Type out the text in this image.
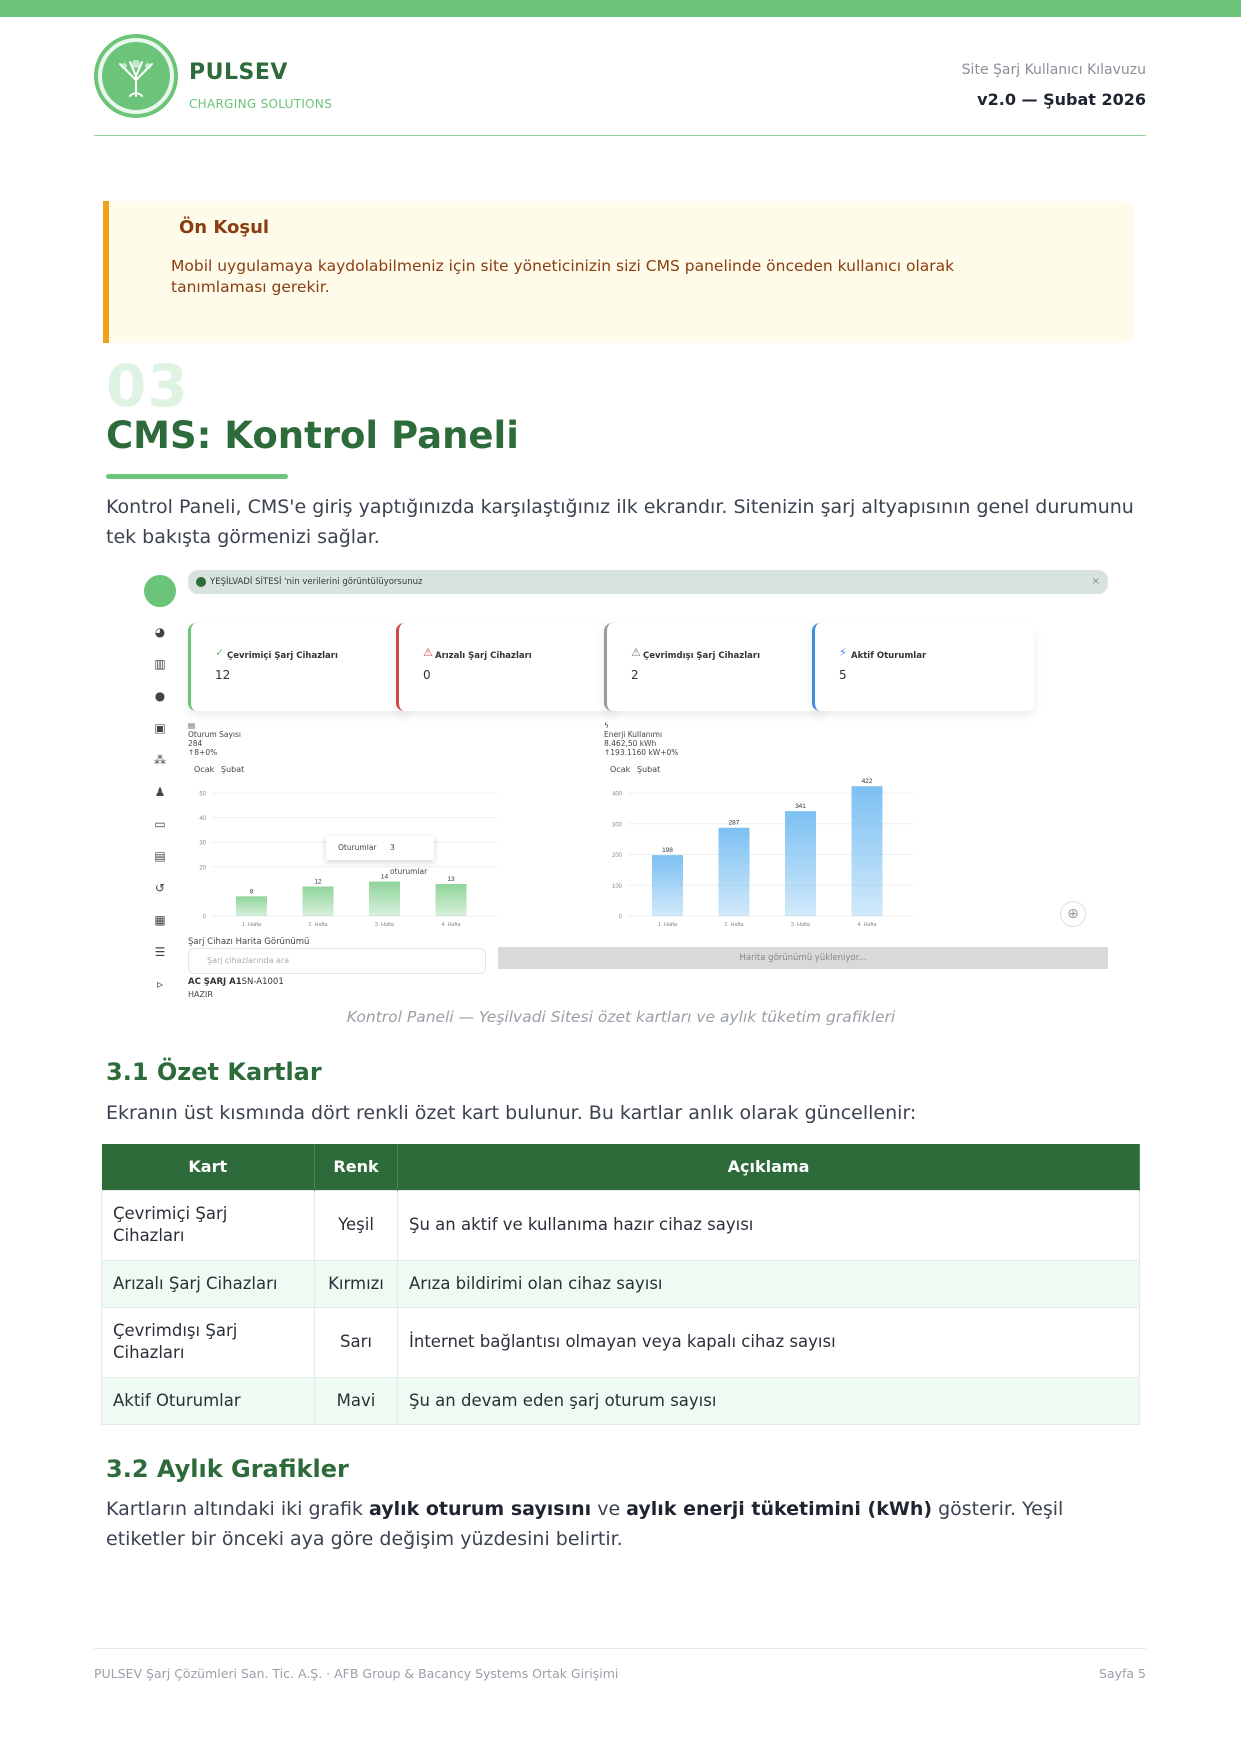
PULSEV
CHARGING SOLUTIONS
Site Şarj Kullanıcı Kılavuzu
v2.0 — Şubat 2026
Ön Koşul
Mobil uygulamaya kaydolabilmeniz için site yöneticinizin sizi CMS panelinde önceden kullanıcı olarak tanımlaması gerekir.
03
CMS: Kontrol Paneli
Kontrol Paneli, CMS'e giriş yaptığınızda karşılaştığınız ilk ekrandır. Sitenizin şarj altyapısının genel durumunu tek bakışta görmenizi sağlar.
◕
▥
●
▣
⁂
♟
▭
▤
↺
▦
☰
▹
YEŞİLVADİ SİTESİ 'nin verilerini görüntülüyorsunuz	×
✓ Çevrimiçi Şarj Cihazları
12
⚠ Arızalı Şarj Cihazları
0
⚠ Çevrimdışı Şarj Cihazları
2
⚡ Aktif Oturumlar
5
▤
Oturum Sayısı
284
↑8+0%
Ocak Şubat
0
20
30
40
50
8
1. Hafta
12
2. Hafta
14
3. Hafta
13
4. Hafta
Oturumlar 3 oturumlar
ϟ
Enerji Kullanımı
8.462,50 kWh
↑193.1160 kW+0%
Ocak Şubat
0
100
200
300
400
198
1. Hafta
287
2. Hafta
341
3. Hafta
422
4. Hafta
⊕
Şarj Cihazı Harita Görünümü
Şarj cihazlarında ara	Harita görünümü yükleniyor...
AC ŞARJ A1SN-A1001
HAZIR
Kontrol Paneli — Yeşilvadi Sitesi özet kartları ve aylık tüketim grafikleri
3.1 Özet Kartlar
Ekranın üst kısmında dört renkli özet kart bulunur. Bu kartlar anlık olarak güncellenir:
Kart	Renk	Açıklama
Çevrimiçi Şarj Cihazları	Yeşil	Şu an aktif ve kullanıma hazır cihaz sayısı
Arızalı Şarj Cihazları	Kırmızı	Arıza bildirimi olan cihaz sayısı
Çevrimdışı Şarj Cihazları	Sarı	İnternet bağlantısı olmayan veya kapalı cihaz sayısı
Aktif Oturumlar	Mavi	Şu an devam eden şarj oturum sayısı
3.2 Aylık Grafikler
Kartların altındaki iki grafik aylık oturum sayısını ve aylık enerji tüketimini (kWh) gösterir. Yeşil etiketler bir önceki aya göre değişim yüzdesini belirtir.
PULSEV Şarj Çözümleri San. Tic. A.Ş. · AFB Group & Bacancy Systems Ortak Girişimi	Sayfa 5
